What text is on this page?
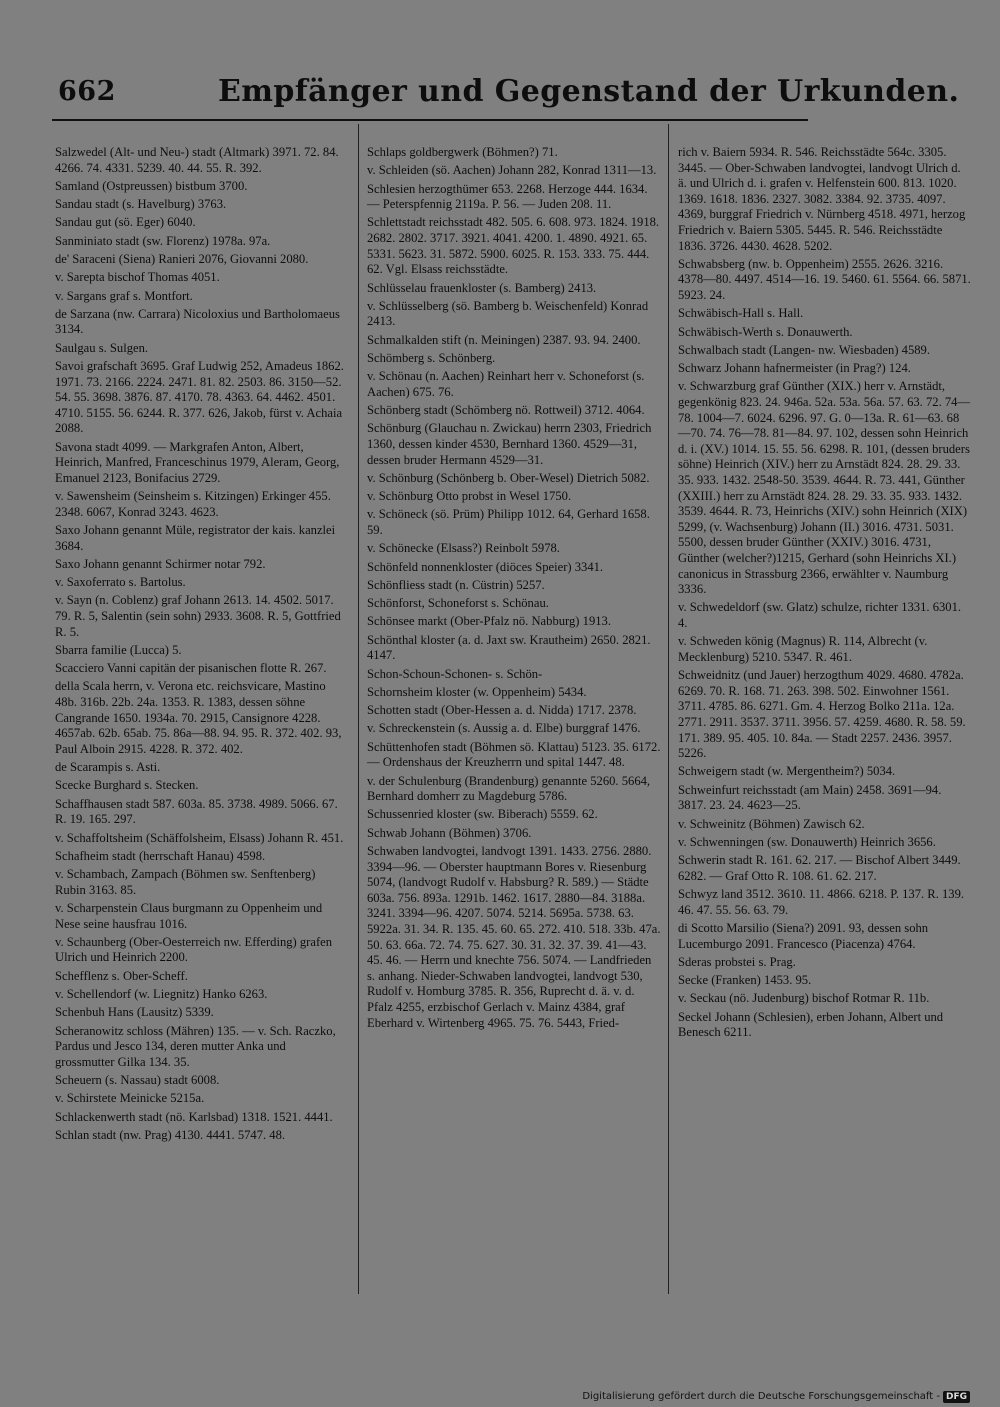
662	Empfänger und Gegenstand der Urkunden.
Salzwedel (Alt- und Neu-) stadt (Altmark) 3971. 72. 84. 4266. 74. 4331. 5239. 40. 44. 55. R. 392.
Samland (Ostpreussen) bistbum 3700.
Sandau stadt (s. Havelburg) 3763.
Sandau gut (sö. Eger) 6040.
Sanminiato stadt (sw. Florenz) 1978a. 97a.
de' Saraceni (Siena) Ranieri 2076, Giovanni 2080.
v. Sarepta bischof Thomas 4051.
v. Sargans graf s. Montfort.
de Sarzana (nw. Carrara) Nicoloxius und Bartholomaeus 3134.
Saulgau s. Sulgen.
Savoi grafschaft 3695. Graf Ludwig 252, Amadeus 1862. 1971. 73. 2166. 2224. 2471. 81. 82. 2503. 86. 3150—52. 54. 55. 3698. 3876. 87. 4170. 78. 4363. 64. 4462. 4501. 4710. 5155. 56. 6244. R. 377. 626, Jakob, fürst v. Achaia 2088.
Savona stadt 4099. — Markgrafen Anton, Albert, Heinrich, Manfred, Franceschinus 1979, Aleram, Georg, Emanuel 2123, Bonifacius 2729.
v. Sawensheim (Seinsheim s. Kitzingen) Erkinger 455. 2348. 6067, Konrad 3243. 4623.
Saxo Johann genannt Müle, registrator der kais. kanzlei 3684.
Saxo Johann genannt Schirmer notar 792.
v. Saxoferrato s. Bartolus.
v. Sayn (n. Coblenz) graf Johann 2613. 14. 4502. 5017. 79. R. 5, Salentin (sein sohn) 2933. 3608. R. 5, Gottfried R. 5.
Sbarra familie (Lucca) 5.
Scacciero Vanni capitän der pisanischen flotte R. 267.
della Scala herrn, v. Verona etc. reichsvicare, Mastino 48b. 316b. 22b. 24a. 1353. R. 1383, dessen söhne Cangrande 1650. 1934a. 70. 2915, Cansignore 4228. 4657ab. 62b. 65ab. 75. 86a—88. 94. 95. R. 372. 402. 93, Paul Alboin 2915. 4228. R. 372. 402.
de Scarampis s. Asti.
Scecke Burghard s. Stecken.
Schaffhausen stadt 587. 603a. 85. 3738. 4989. 5066. 67. R. 19. 165. 297.
v. Schaffoltsheim (Schäffolsheim, Elsass) Johann R. 451.
Schafheim stadt (herrschaft Hanau) 4598.
v. Schambach, Zampach (Böhmen sw. Senftenberg) Rubin 3163. 85.
v. Scharpenstein Claus burgmann zu Oppenheim und Nese seine hausfrau 1016.
v. Schaunberg (Ober-Oesterreich nw. Efferding) grafen Ulrich und Heinrich 2200.
Schefflenz s. Ober-Scheff.
v. Schellendorf (w. Liegnitz) Hanko 6263.
Schenbuh Hans (Lausitz) 5339.
Scheranowitz schloss (Mähren) 135. — v. Sch. Raczko, Pardus und Jesco 134, deren mutter Anka und grossmutter Gilka 134. 35.
Scheuern (s. Nassau) stadt 6008.
v. Schirstete Meinicke 5215a.
Schlackenwerth stadt (nö. Karlsbad) 1318. 1521. 4441.
Schlan stadt (nw. Prag) 4130. 4441. 5747. 48.
Schlaps goldbergwerk (Böhmen?) 71.
v. Schleiden (sö. Aachen) Johann 282, Konrad 1311—13.
Schlesien herzogthümer 653. 2268. Herzoge 444. 1634. — Peterspfennig 2119a. P. 56. — Juden 208. 11.
Schlettstadt reichsstadt 482. 505. 6. 608. 973. 1824. 1918. 2682. 2802. 3717. 3921. 4041. 4200. 1. 4890. 4921. 65. 5331. 5623. 31. 5872. 5900. 6025. R. 153. 333. 75. 444. 62. Vgl. Elsass reichsstädte.
Schlüsselau frauenkloster (s. Bamberg) 2413.
v. Schlüsselberg (sö. Bamberg b. Weischenfeld) Konrad 2413.
Schmalkalden stift (n. Meiningen) 2387. 93. 94. 2400.
Schömberg s. Schönberg.
v. Schönau (n. Aachen) Reinhart herr v. Schoneforst (s. Aachen) 675. 76.
Schönberg stadt (Schömberg nö. Rottweil) 3712. 4064.
Schönburg (Glauchau n. Zwickau) herrn 2303, Friedrich 1360, dessen kinder 4530, Bernhard 1360. 4529—31, dessen bruder Hermann 4529—31.
v. Schönburg (Schönberg b. Ober-Wesel) Dietrich 5082.
v. Schönburg Otto probst in Wesel 1750.
v. Schöneck (sö. Prüm) Philipp 1012. 64, Gerhard 1658. 59.
v. Schönecke (Elsass?) Reinbolt 5978.
Schönfeld nonnenkloster (diöces Speier) 3341.
Schönfliess stadt (n. Cüstrin) 5257.
Schönforst, Schoneforst s. Schönau.
Schönsee markt (Ober-Pfalz nö. Nabburg) 1913.
Schönthal kloster (a. d. Jaxt sw. Krautheim) 2650. 2821. 4147.
Schon-Schoun-Schonen- s. Schön-
Schornsheim kloster (w. Oppenheim) 5434.
Schotten stadt (Ober-Hessen a. d. Nidda) 1717. 2378.
v. Schreckenstein (s. Aussig a. d. Elbe) burggraf 1476.
Schüttenhofen stadt (Böhmen sö. Klattau) 5123. 35. 6172. — Ordenshaus der Kreuzherrn und spital 1447. 48.
v. der Schulenburg (Brandenburg) genannte 5260. 5664, Bernhard domherr zu Magdeburg 5786.
Schussenried kloster (sw. Biberach) 5559. 62.
Schwab Johann (Böhmen) 3706.
Schwaben landvogtei, landvogt 1391. 1433. 2756. 2880. 3394—96. — Oberster hauptmann Bores v. Riesenburg 5074, (landvogt Rudolf v. Habsburg? R. 589.) — Städte 603a. 756. 893a. 1291b. 1462. 1617. 2880—84. 3188a. 3241. 3394—96. 4207. 5074. 5214. 5695a. 5738. 63. 5922a. 31. 34. R. 135. 45. 60. 65. 272. 410. 518. 33b. 47a. 50. 63. 66a. 72. 74. 75. 627. 30. 31. 32. 37. 39. 41—43. 45. 46. — Herrn und knechte 756. 5074. — Landfrieden s. anhang. Nieder-Schwaben landvogtei, landvogt 530, Rudolf v. Homburg 3785. R. 356, Ruprecht d. ä. v. d. Pfalz 4255, erzbischof Gerlach v. Mainz 4384, graf Eberhard v. Wirtenberg 4965. 75. 76. 5443, Fried-
rich v. Baiern 5934. R. 546. Reichsstädte 564c. 3305. 3445. — Ober-Schwaben landvogtei, landvogt Ulrich d. ä. und Ulrich d. i. grafen v. Helfenstein 600. 813. 1020. 1369. 1618. 1836. 2327. 3082. 3384. 92. 3735. 4097. 4369, burggraf Friedrich v. Nürnberg 4518. 4971, herzog Friedrich v. Baiern 5305. 5445. R. 546. Reichsstädte 1836. 3726. 4430. 4628. 5202.
Schwabsberg (nw. b. Oppenheim) 2555. 2626. 3216. 4378—80. 4497. 4514—16. 19. 5460. 61. 5564. 66. 5871. 5923. 24.
Schwäbisch-Hall s. Hall.
Schwäbisch-Werth s. Donauwerth.
Schwalbach stadt (Langen- nw. Wiesbaden) 4589.
Schwarz Johann hafnermeister (in Prag?) 124.
v. Schwarzburg graf Günther (XIX.) herr v. Arnstädt, gegenkönig 823. 24. 946a. 52a. 53a. 56a. 57. 63. 72. 74—78. 1004—7. 6024. 6296. 97. G. 0—13a. R. 61—63. 68—70. 74. 76—78. 81—84. 97. 102, dessen sohn Heinrich d. i. (XV.) 1014. 15. 55. 56. 6298. R. 101, (dessen bruders söhne) Heinrich (XIV.) herr zu Arnstädt 824. 28. 29. 33. 35. 933. 1432. 2548-50. 3539. 4644. R. 73. 441, Günther (XXIII.) herr zu Arnstädt 824. 28. 29. 33. 35. 933. 1432. 3539. 4644. R. 73, Heinrichs (XIV.) sohn Heinrich (XIX) 5299, (v. Wachsenburg) Johann (II.) 3016. 4731. 5031. 5500, dessen bruder Günther (XXIV.) 3016. 4731, Günther (welcher?)1215, Gerhard (sohn Heinrichs XI.) canonicus in Strassburg 2366, erwählter v. Naumburg 3336.
v. Schwedeldorf (sw. Glatz) schulze, richter 1331. 6301. 4.
v. Schweden könig (Magnus) R. 114, Albrecht (v. Mecklenburg) 5210. 5347. R. 461.
Schweidnitz (und Jauer) herzogthum 4029. 4680. 4782a. 6269. 70. R. 168. 71. 263. 398. 502. Einwohner 1561. 3711. 4785. 86. 6271. Gm. 4. Herzog Bolko 211a. 12a. 2771. 2911. 3537. 3711. 3956. 57. 4259. 4680. R. 58. 59. 171. 389. 95. 405. 10. 84a. — Stadt 2257. 2436. 3957. 5226.
Schweigern stadt (w. Mergentheim?) 5034.
Schweinfurt reichsstadt (am Main) 2458. 3691—94. 3817. 23. 24. 4623—25.
v. Schweinitz (Böhmen) Zawisch 62.
v. Schwenningen (sw. Donauwerth) Heinrich 3656.
Schwerin stadt R. 161. 62. 217. — Bischof Albert 3449. 6282. — Graf Otto R. 108. 61. 62. 217.
Schwyz land 3512. 3610. 11. 4866. 6218. P. 137. R. 139. 46. 47. 55. 56. 63. 79.
di Scotto Marsilio (Siena?) 2091. 93, dessen sohn Lucemburgo 2091. Francesco (Piacenza) 4764.
Sderas probstei s. Prag.
Secke (Franken) 1453. 95.
v. Seckau (nö. Judenburg) bischof Rotmar R. 11b.
Seckel Johann (Schlesien), erben Johann, Albert und Benesch 6211.
Digitalisierung gefördert durch die Deutsche Forschungsgemeinschaft - DFG
